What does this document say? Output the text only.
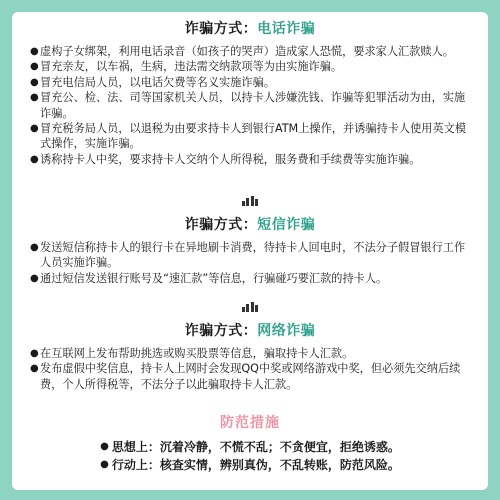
诈骗方式：电话诈骗
● 虚构子女绑架，利用电话录音（如孩子的哭声）造成家人恐慌，要求家人汇款赎人。
● 冒充亲友，以车祸，生病，违法需交纳款项等为由实施诈骗。
● 冒充电信局人员，以电话欠费等名义实施诈骗。
● 冒充公、检、法、司等国家机关人员，以持卡人涉嫌洗钱、诈骗等犯罪活动为由，实施诈骗。
● 冒充税务局人员，以退税为由要求持卡人到银行ATM上操作，并诱骗持卡人使用英文模式操作，实施诈骗。
● 诱称持卡人中奖，要求持卡人交纳个人所得税，服务费和手续费等实施诈骗。
诈骗方式：短信诈骗
● 发送短信称持卡人的银行卡在异地刷卡消费，待持卡人回电时，不法分子假冒银行工作人员实施诈骗。
● 通过短信发送银行账号及“速汇款”等信息，行骗碰巧要汇款的持卡人。
诈骗方式：网络诈骗
● 在互联网上发布帮助挑选或购买股票等信息，骗取持卡人汇款。
● 发布虚假中奖信息，持卡人上网时会发现QQ中奖或网络游戏中奖，但必须先交纳后续费，个人所得税等，不法分子以此骗取持卡人汇款。
防范措施
● 思想上： 沉着冷静，不慌不乱；不贪便宜，拒绝诱惑。
● 行动上： 核查实情，辨别真伪，不乱转账，防范风险。
